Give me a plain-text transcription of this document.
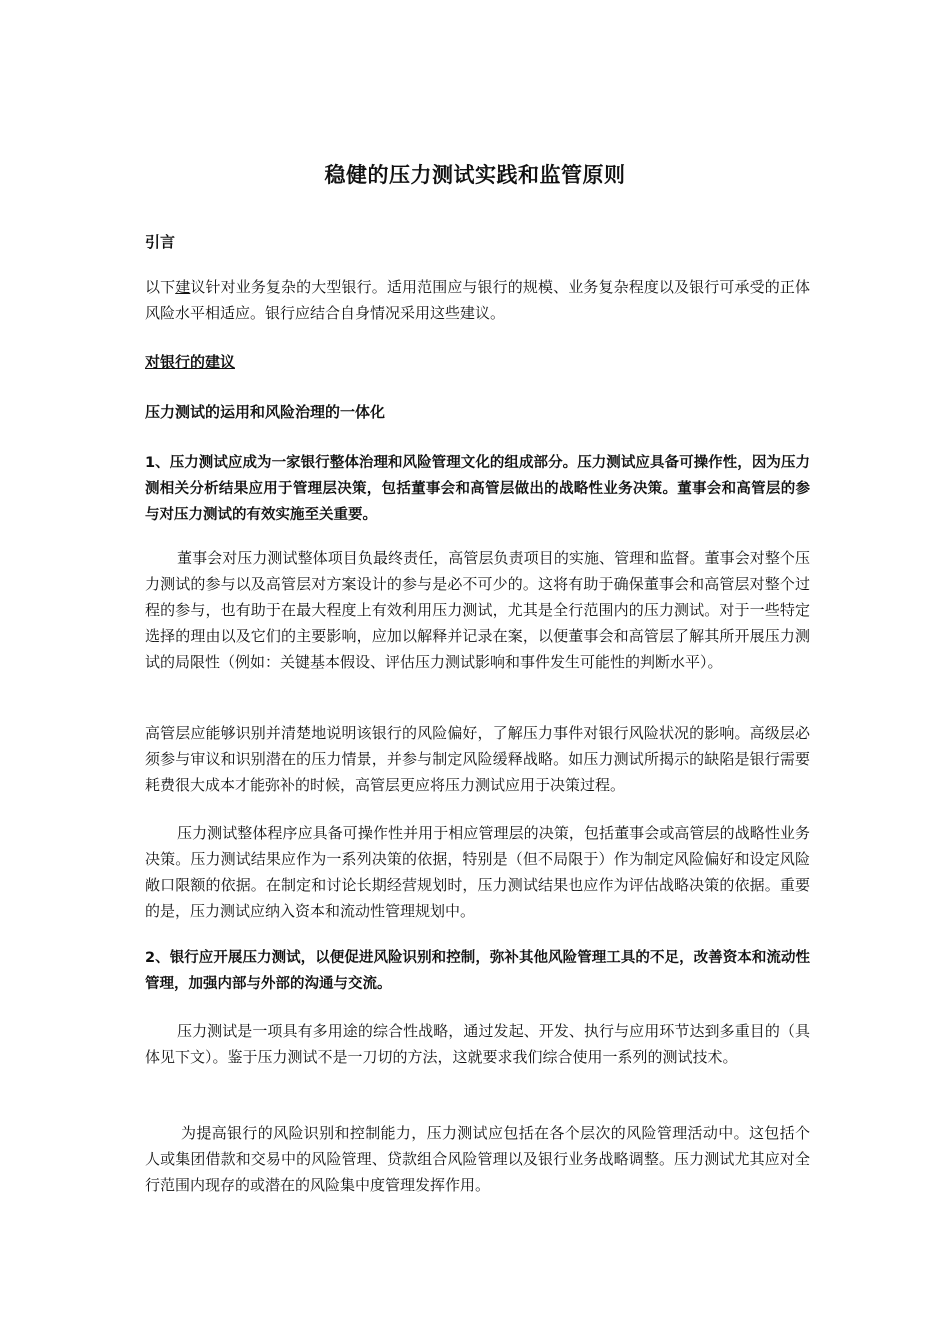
稳健的压力测试实践和监管原则
引言

以下建议针对业务复杂的大型银行。适用范围应与银行的规模、业务复杂程度以及银行可承受的正体风险水平相适应。银行应结合自身情况采用这些建议。

对银行的建议
压力测试的运用和风险治理的一体化

1、压力测试应成为一家银行整体治理和风险管理文化的组成部分。压力测试应具备可操作性，因为压力测相关分析结果应用于管理层决策，包括董事会和高管层做出的战略性业务决策。董事会和高管层的参与对压力测试的有效实施至关重要。

董事会对压力测试整体项目负最终责任，高管层负责项目的实施、管理和监督。董事会对整个压力测试的参与以及高管层对方案设计的参与是必不可少的。这将有助于确保董事会和高管层对整个过程的参与，也有助于在最大程度上有效利用压力测试，尤其是全行范围内的压力测试。对于一些特定选择的理由以及它们的主要影响，应加以解释并记录在案，以便董事会和高管层了解其所开展压力测试的局限性（例如：关键基本假设、评估压力测试影响和事件发生可能性的判断水平）。

高管层应能够识别并清楚地说明该银行的风险偏好，了解压力事件对银行风险状况的影响。高级层必须参与审议和识别潜在的压力情景，并参与制定风险缓释战略。如压力测试所揭示的缺陷是银行需要耗费很大成本才能弥补的时候，高管层更应将压力测试应用于决策过程。

压力测试整体程序应具备可操作性并用于相应管理层的决策，包括董事会或高管层的战略性业务决策。压力测试结果应作为一系列决策的依据，特别是（但不局限于）作为制定风险偏好和设定风险敞口限额的依据。在制定和讨论长期经营规划时，压力测试结果也应作为评估战略决策的依据。重要的是，压力测试应纳入资本和流动性管理规划中。

2、银行应开展压力测试，以便促进风险识别和控制，弥补其他风险管理工具的不足，改善资本和流动性管理，加强内部与外部的沟通与交流。

压力测试是一项具有多用途的综合性战略，通过发起、开发、执行与应用环节达到多重目的（具体见下文）。鉴于压力测试不是一刀切的方法，这就要求我们综合使用一系列的测试技术。

为提高银行的风险识别和控制能力，压力测试应包括在各个层次的风险管理活动中。这包括个人或集团借款和交易中的风险管理、贷款组合风险管理以及银行业务战略调整。压力测试尤其应对全行范围内现存的或潜在的风险集中度管理发挥作用。
